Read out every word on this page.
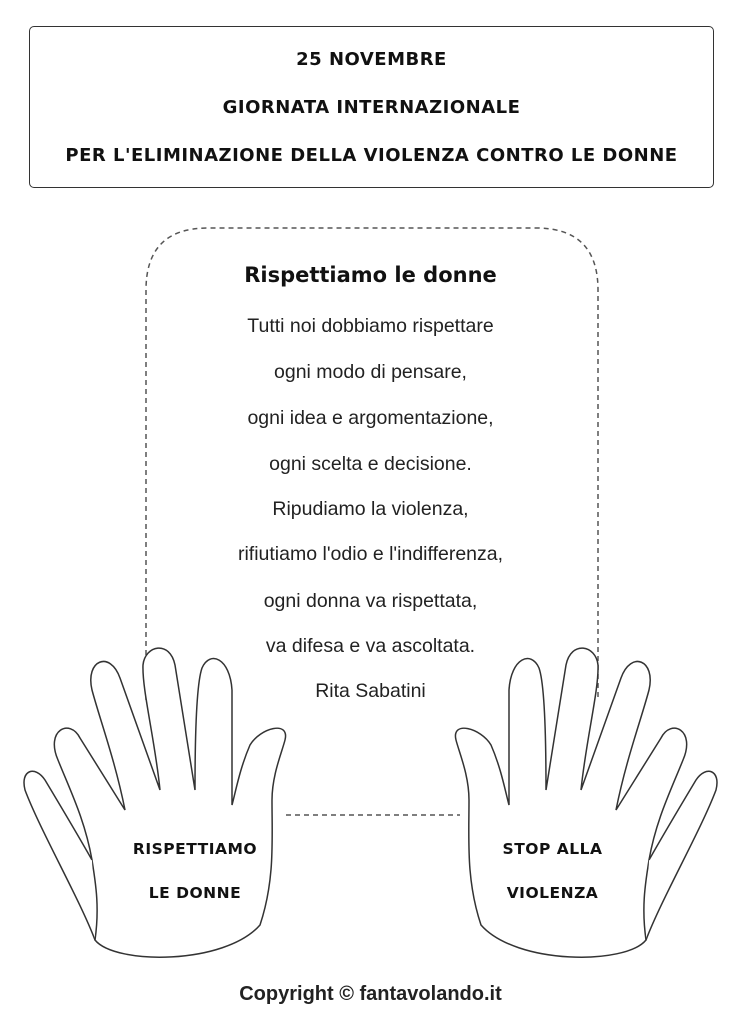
25 NOVEMBRE
GIORNATA INTERNAZIONALE
PER L'ELIMINAZIONE DELLA VIOLENZA CONTRO LE DONNE
Rispettiamo le donne
Tutti noi dobbiamo rispettare
ogni modo di pensare,
ogni idea e argomentazione,
ogni scelta e decisione.
Ripudiamo la violenza,
rifiutiamo l'odio e l'indifferenza,
ogni donna va rispettata,
va difesa e va ascoltata.
Rita Sabatini
RISPETTIAMO
LE DONNE
STOP ALLA
VIOLENZA
Copyright © fantavolando.it
